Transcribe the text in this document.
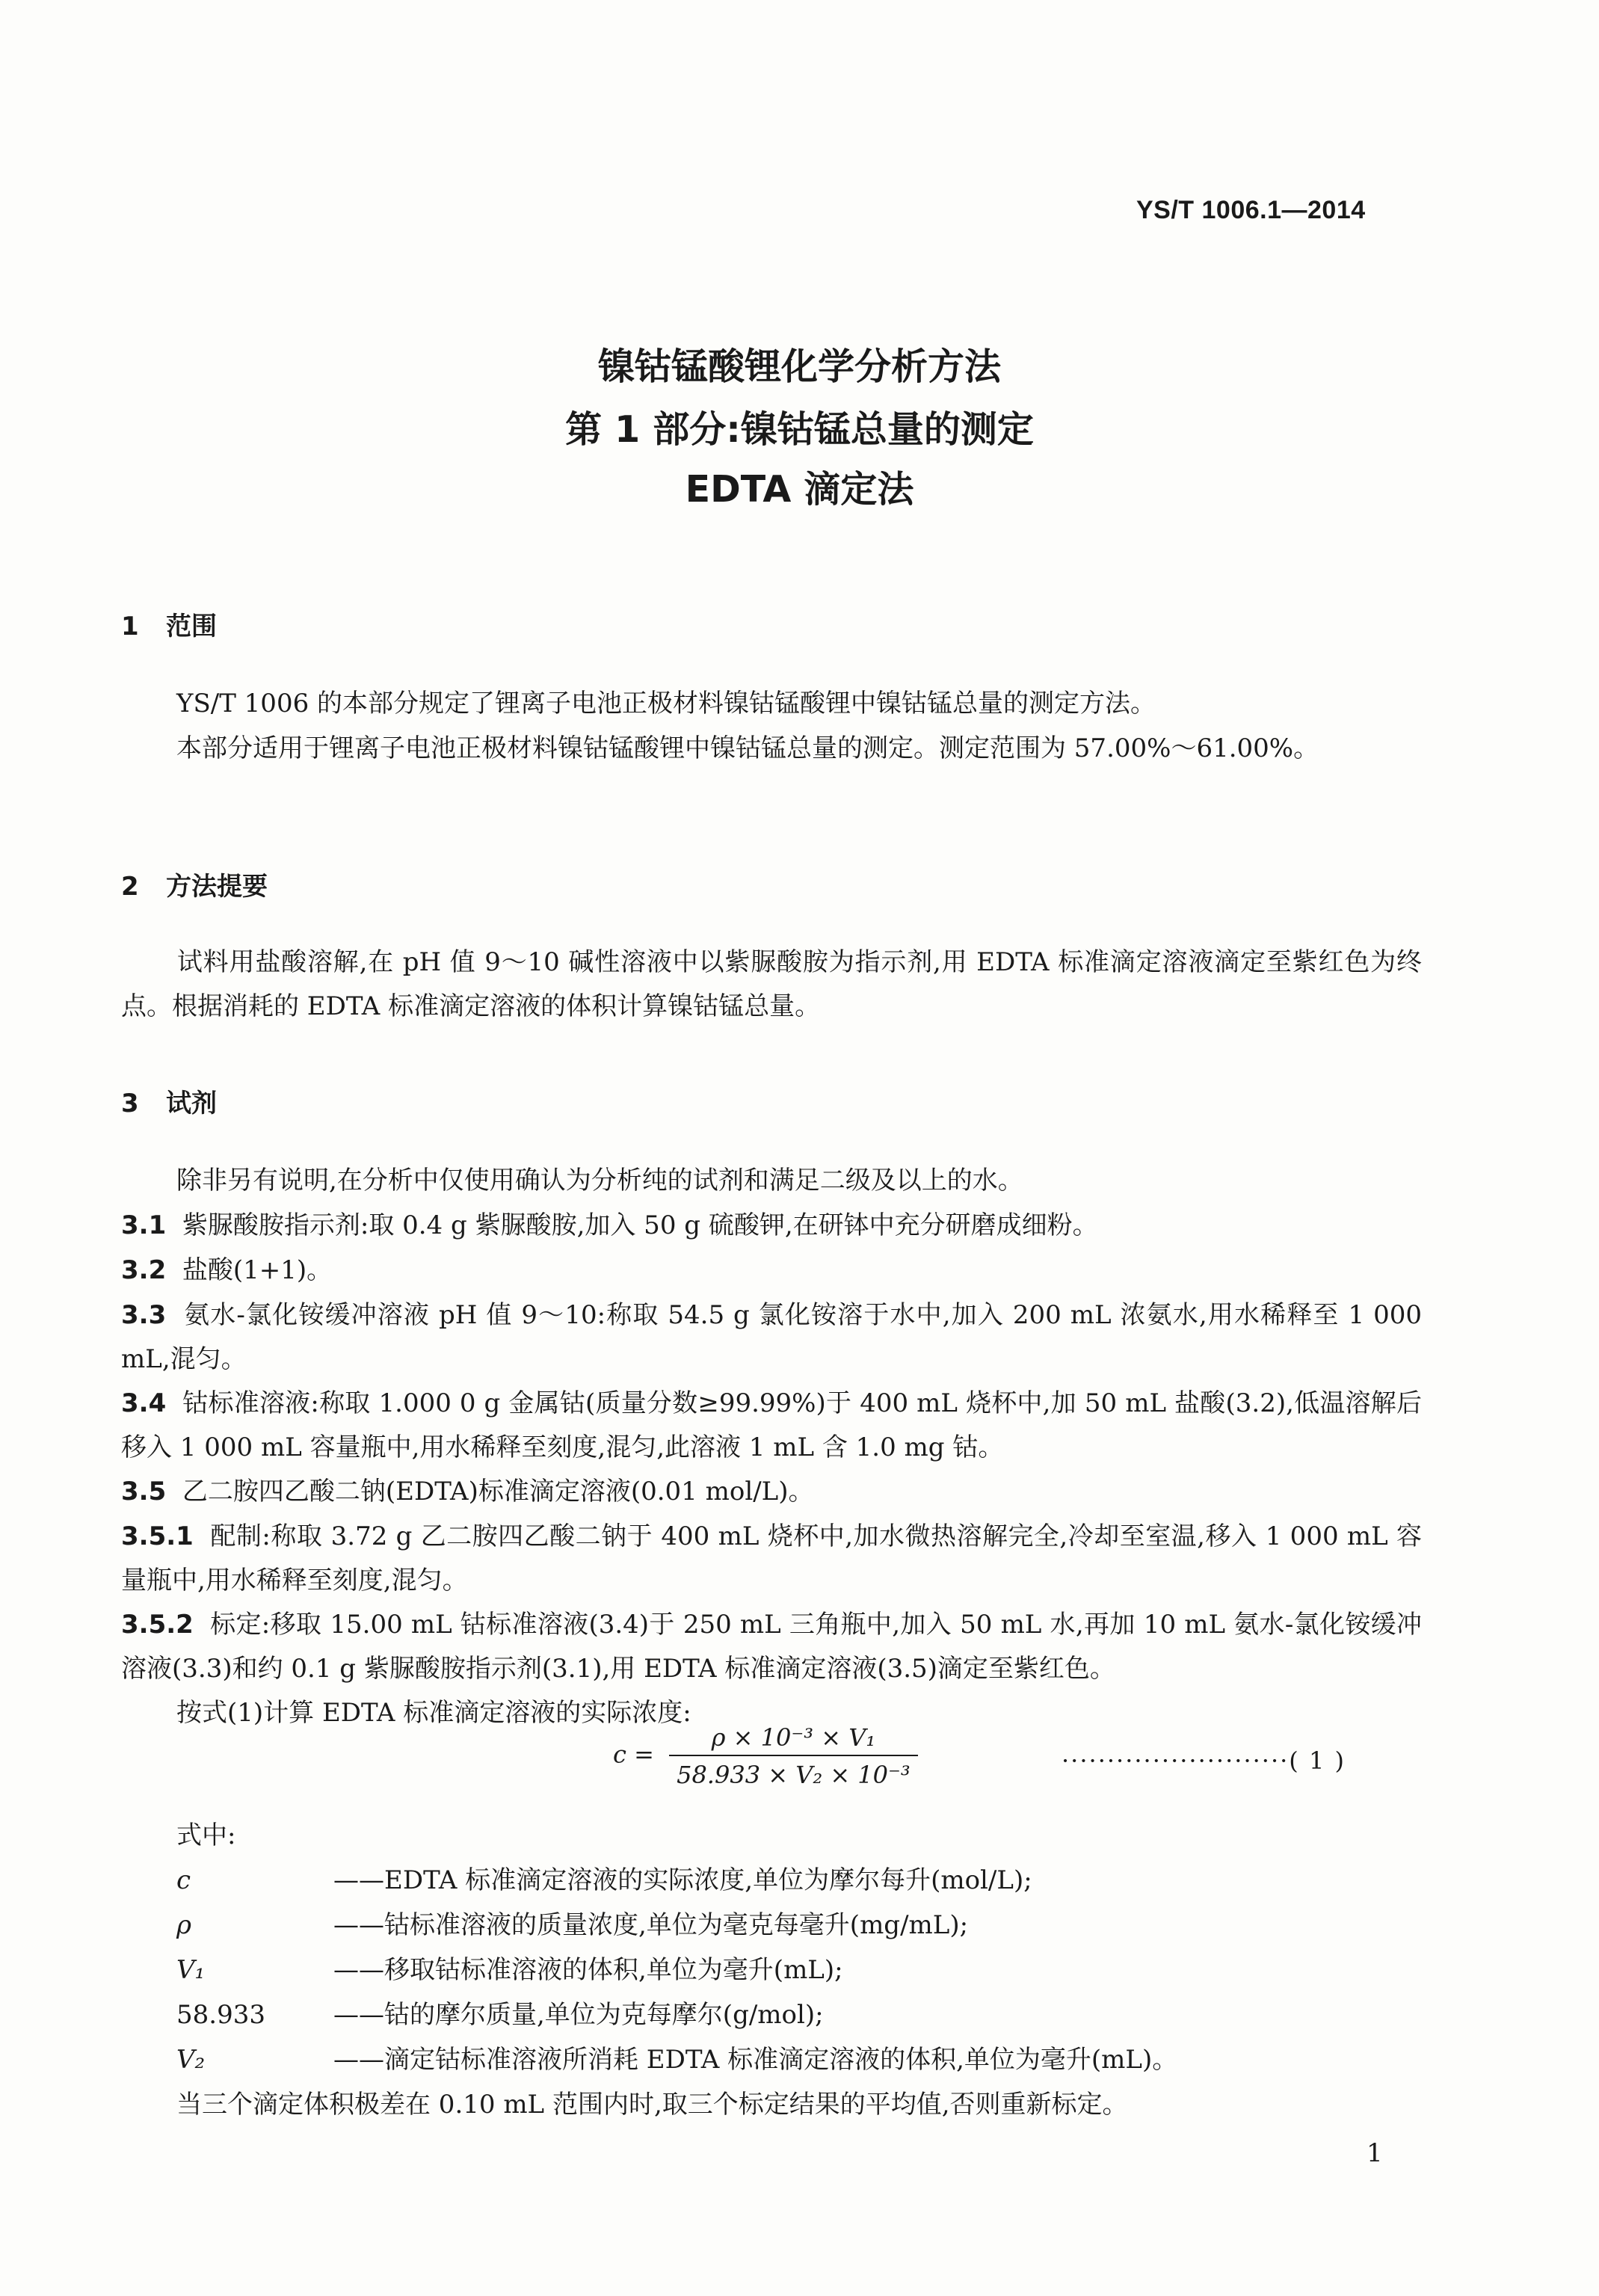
YS/T 1006.1—2014
镍钴锰酸锂化学分析方法
第 1 部分:镍钴锰总量的测定
EDTA 滴定法
1 范围
YS/T 1006 的本部分规定了锂离子电池正极材料镍钴锰酸锂中镍钴锰总量的测定方法。
本部分适用于锂离子电池正极材料镍钴锰酸锂中镍钴锰总量的测定。测定范围为 57.00%～61.00%。
2 方法提要
试料用盐酸溶解,在 pH 值 9～10 碱性溶液中以紫脲酸胺为指示剂,用 EDTA 标准滴定溶液滴定至紫红色为终点。根据消耗的 EDTA 标准滴定溶液的体积计算镍钴锰总量。
3 试剂
除非另有说明,在分析中仅使用确认为分析纯的试剂和满足二级及以上的水。
3.1 紫脲酸胺指示剂:取 0.4 g 紫脲酸胺,加入 50 g 硫酸钾,在研钵中充分研磨成细粉。
3.2 盐酸(1+1)。
3.3 氨水-氯化铵缓冲溶液 pH 值 9～10:称取 54.5 g 氯化铵溶于水中,加入 200 mL 浓氨水,用水稀释至 1 000 mL,混匀。
3.4 钴标准溶液:称取 1.000 0 g 金属钴(质量分数≥99.99%)于 400 mL 烧杯中,加 50 mL 盐酸(3.2),低温溶解后移入 1 000 mL 容量瓶中,用水稀释至刻度,混匀,此溶液 1 mL 含 1.0 mg 钴。
3.5 乙二胺四乙酸二钠(EDTA)标准滴定溶液(0.01 mol/L)。
3.5.1 配制:称取 3.72 g 乙二胺四乙酸二钠于 400 mL 烧杯中,加水微热溶解完全,冷却至室温,移入 1 000 mL 容量瓶中,用水稀释至刻度,混匀。
3.5.2 标定:移取 15.00 mL 钴标准溶液(3.4)于 250 mL 三角瓶中,加入 50 mL 水,再加 10 mL 氨水-氯化铵缓冲溶液(3.3)和约 0.1 g 紫脲酸胺指示剂(3.1),用 EDTA 标准滴定溶液(3.5)滴定至紫红色。
按式(1)计算 EDTA 标准滴定溶液的实际浓度:
$c = \frac{\text{ρ × 10⁻³ × V₁}}{\text{58.933 × V₂ × 10⁻³}}$	·························( 1 )
式中:
c	——EDTA 标准滴定溶液的实际浓度,单位为摩尔每升(mol/L);
ρ	——钴标准溶液的质量浓度,单位为毫克每毫升(mg/mL);
V₁	——移取钴标准溶液的体积,单位为毫升(mL);
58.933	——钴的摩尔质量,单位为克每摩尔(g/mol);
V₂	——滴定钴标准溶液所消耗 EDTA 标准滴定溶液的体积,单位为毫升(mL)。
当三个滴定体积极差在 0.10 mL 范围内时,取三个标定结果的平均值,否则重新标定。
1
